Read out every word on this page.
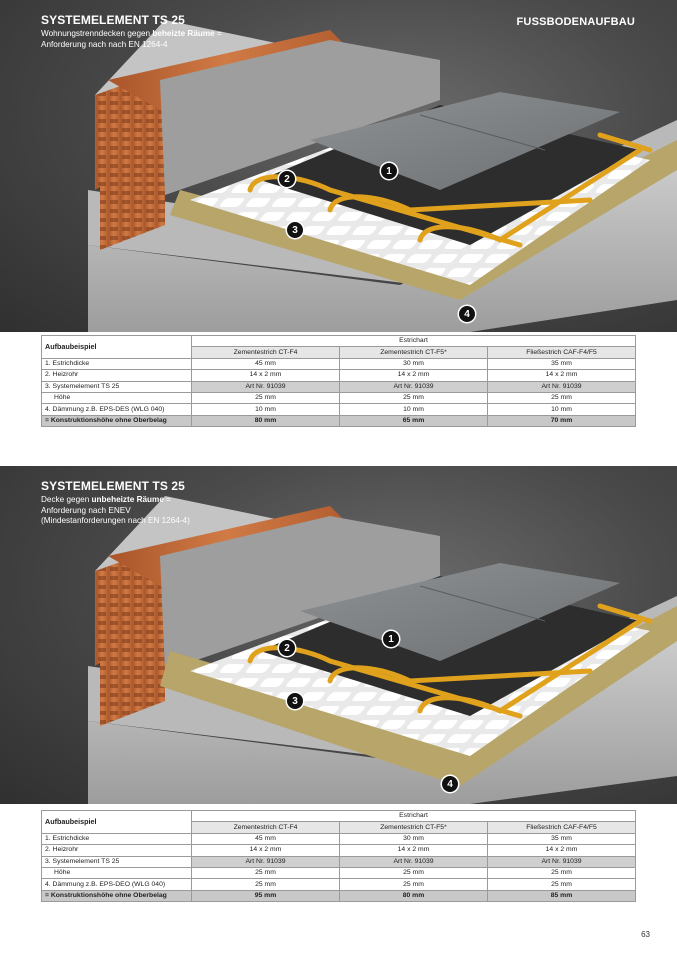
SYSTEMELEMENT TS 25
Wohnungstrenndecken gegen beheizte Räume =
Anforderung nach nach EN 1264-4
FUSSBODENAUFBAU
1
2
3
4
Aufbaubeispiel	Estrichart		
	Zementestrich CT-F4	Zementestrich CT-F5*	Fließestrich CAF-F4/F5
1. Estrichdicke	45 mm	30 mm	35 mm
2. Heizrohr	14 x 2 mm	14 x 2 mm	14 x 2 mm
3. Systemelement TS 25	Art Nr. 91039	Art Nr. 91039	Art Nr. 91039
Höhe	25 mm	25 mm	25 mm
4. Dämmung z.B. EPS-DES (WLG 040)	10 mm	10 mm	10 mm
= Konstruktionshöhe ohne Oberbelag	80 mm	65 mm	70 mm
SYSTEMELEMENT TS 25
Decke gegen unbeheizte Räume =
Anforderung nach ENEV
(Mindestanforderungen nach EN 1264-4)
1
2
3
4
Aufbaubeispiel	Estrichart		
	Zementestrich CT-F4	Zementestrich CT-F5*	Fließestrich CAF-F4/F5
1. Estrichdicke	45 mm	30 mm	35 mm
2. Heizrohr	14 x 2 mm	14 x 2 mm	14 x 2 mm
3. Systemelement TS 25	Art Nr. 91039	Art Nr. 91039	Art Nr. 91039
Höhe	25 mm	25 mm	25 mm
4. Dämmung z.B. EPS-DEO (WLG 040)	25 mm	25 mm	25 mm
= Konstruktionshöhe ohne Oberbelag	95 mm	80 mm	85 mm
63
